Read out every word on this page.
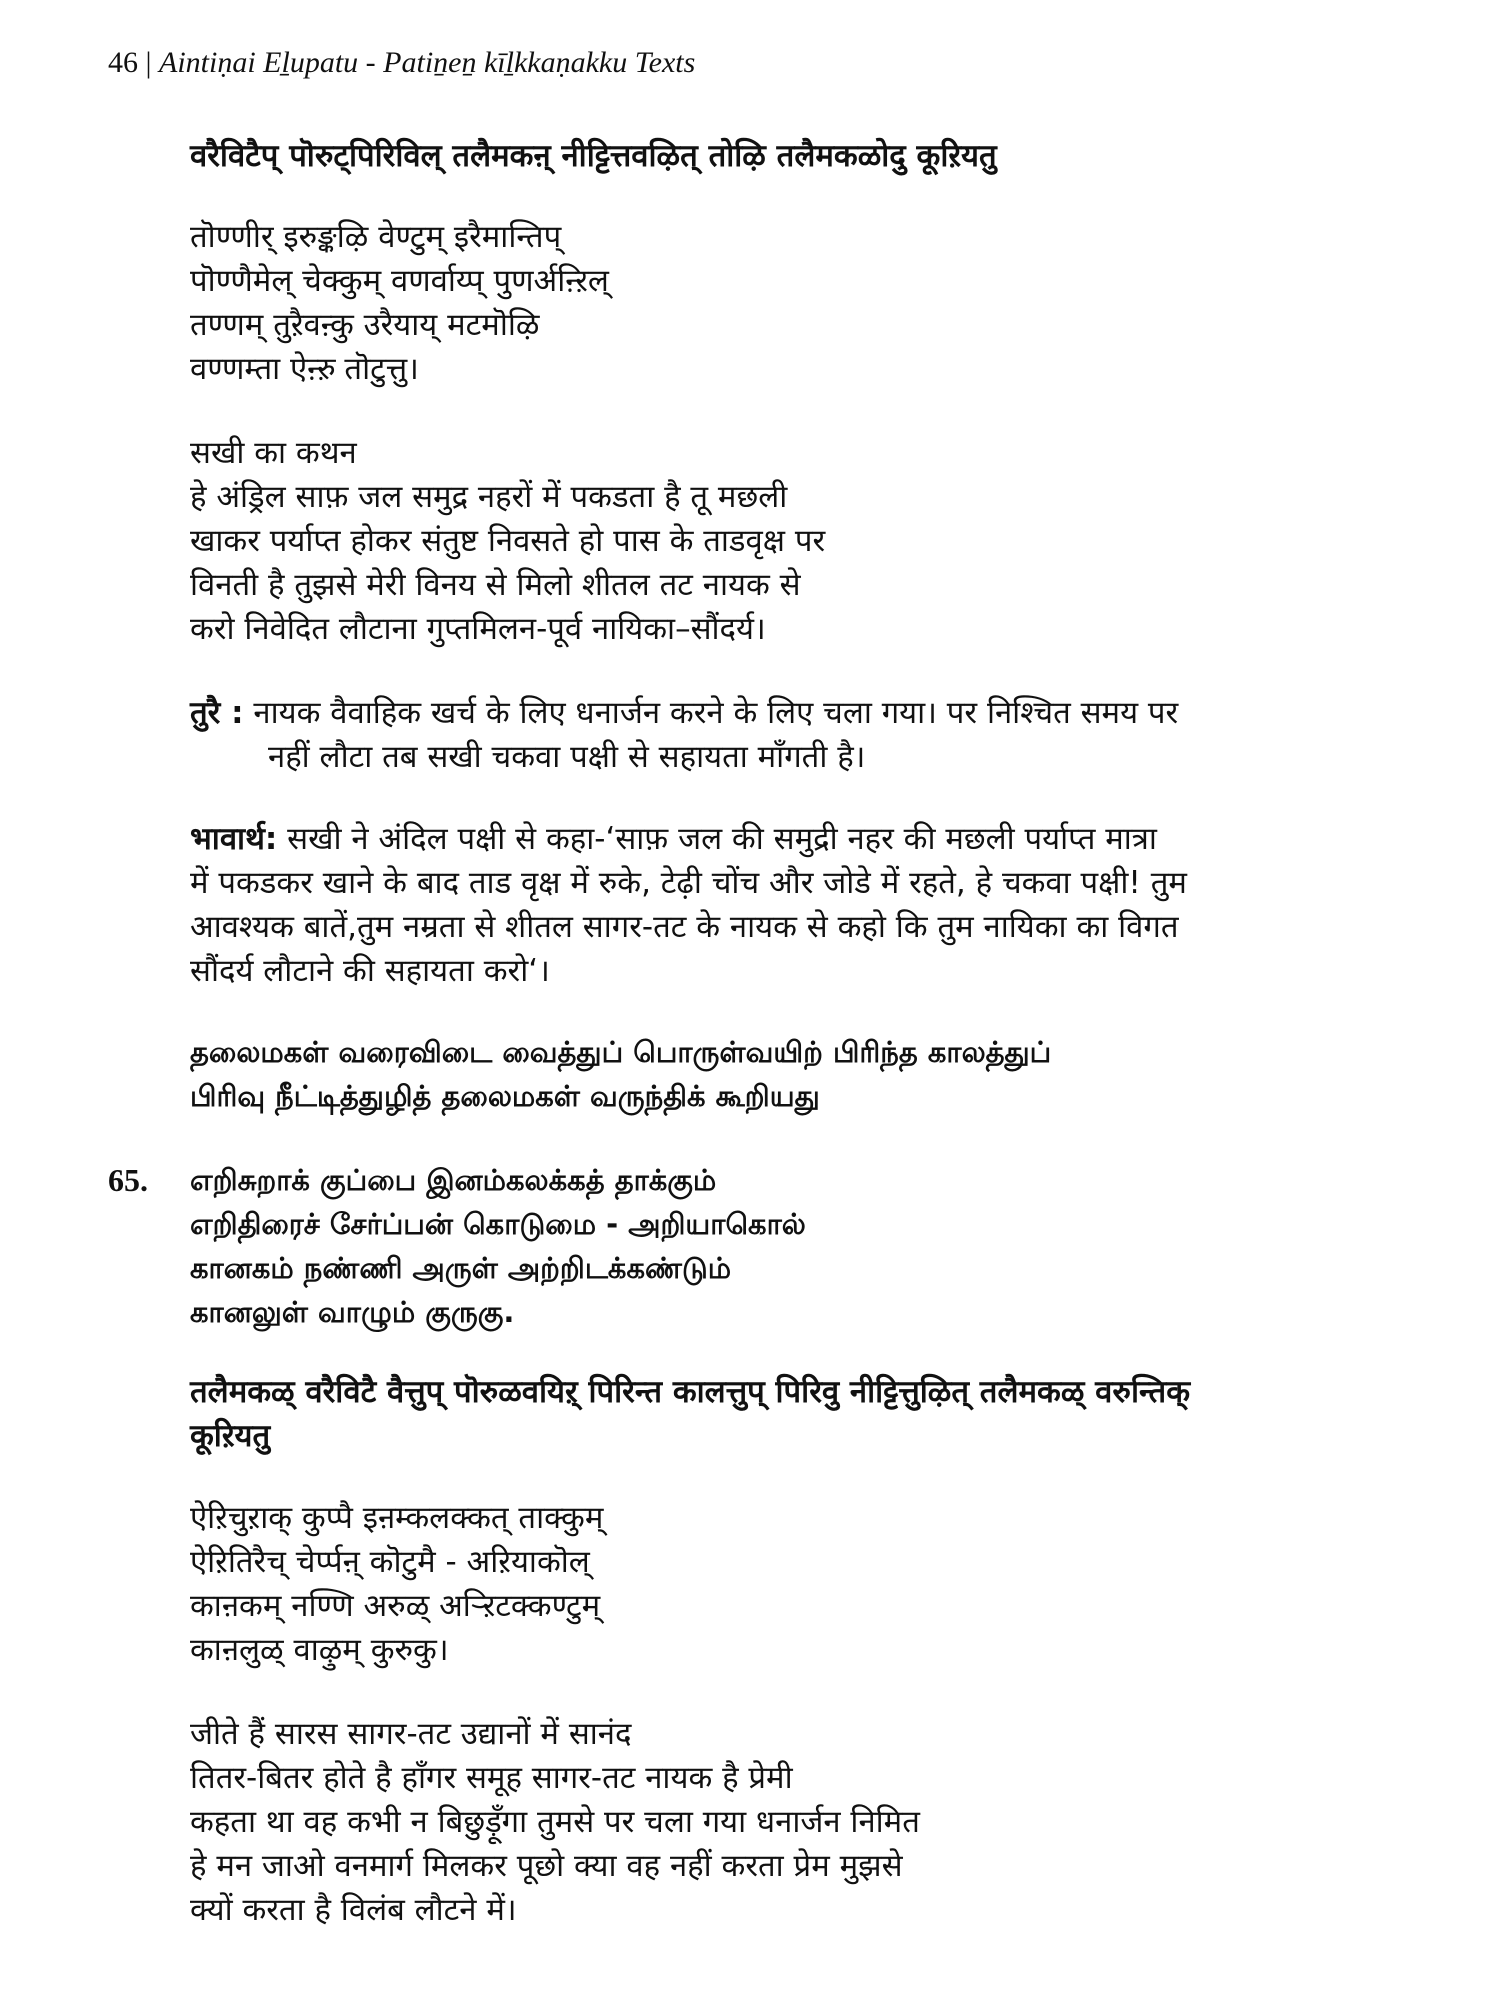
46 | Aintiṇai Eḻupatu - Patiṉeṉ kīḻkkaṇakku Texts
वरैविटैप् पॊरुट्पिरिविल् तलैमकऩ् नीट्टित्तवऴित् तोऴि तलैमकळोदु कूऱियतु
तॊण्णीर् इरुङ्कऴि वेण्टुम् इरैमान्तिप्
पॊण्णैमेल् चेक्कुम् वणर्वाय्प् पुणर्अऩ्ऱिल्
तण्णम् तुऱैवऩ्कु उरैयाय् मटमॊऴि
वण्णम्ता ऐऩ्ऱु तॊटुत्तु।
सखी का कथन
हे अंड्रिल साफ़ जल समुद्र नहरों में पकडता है तू मछली
खाकर पर्याप्त होकर संतुष्ट निवसते हो पास के ताडवृक्ष पर
विनती है तुझसे मेरी विनय से मिलो शीतल तट नायक से
करो निवेदित लौटाना गुप्तमिलन-पूर्व नायिका–सौंदर्य।
तुरै : नायक वैवाहिक खर्च के लिए धनार्जन करने के लिए चला गया। पर निश्चित समय पर
नहीं लौटा तब सखी चकवा पक्षी से सहायता माँगती है।
भावार्थ: सखी ने अंदिल पक्षी से कहा-‘साफ़ जल की समुद्री नहर की मछली पर्याप्त मात्रा
में पकडकर खाने के बाद ताड वृक्ष में रुके, टेढ़ी चोंच और जोडे में रहते, हे चकवा पक्षी! तुम
आवश्यक बातें,तुम नम्रता से शीतल सागर-तट के नायक से कहो कि तुम नायिका का विगत
सौंदर्य लौटाने की सहायता करो‘।
தலைமகள் வரைவிடை வைத்துப் பொருள்வயிற் பிரிந்த காலத்துப்
பிரிவு நீட்டித்துழித் தலைமகள் வருந்திக் கூறியது
65. எறிசுறாக் குப்பை இனம்கலக்கத் தாக்கும்
எறிதிரைச் சேர்ப்பன் கொடுமை - அறியாகொல்
கானகம் நண்ணி அருள் அற்றிடக்கண்டும்
கானலுள் வாழும் குருகு.
तलैमकळ् वरैविटै वैत्तुप् पॊरुळवयिऱ् पिरिन्त कालत्तुप् पिरिवु नीट्टित्तुऴित् तलैमकळ् वरुन्तिक्
कूऱियतु
ऐऱिचुऱाक् कुप्पै इऩम्कलक्कत् ताक्कुम्
ऐऱितिरैच् चेर्प्पऩ् कॊटुमै - अऱियाकॊल्
काऩकम् नण्णि अरुळ् अऱ्ऱिटक्कण्टुम्
काऩलुळ् वाऴुम् कुरुकु।
जीते हैं सारस सागर-तट उद्यानों में सानंद
तितर-बितर होते है हाँगर समूह सागर-तट नायक है प्रेमी
कहता था वह कभी न बिछुड़ूँगा तुमसे पर चला गया धनार्जन निमित
हे मन जाओ वनमार्ग मिलकर पूछो क्या वह नहीं करता प्रेम मुझसे
क्यों करता है विलंब लौटने में।
